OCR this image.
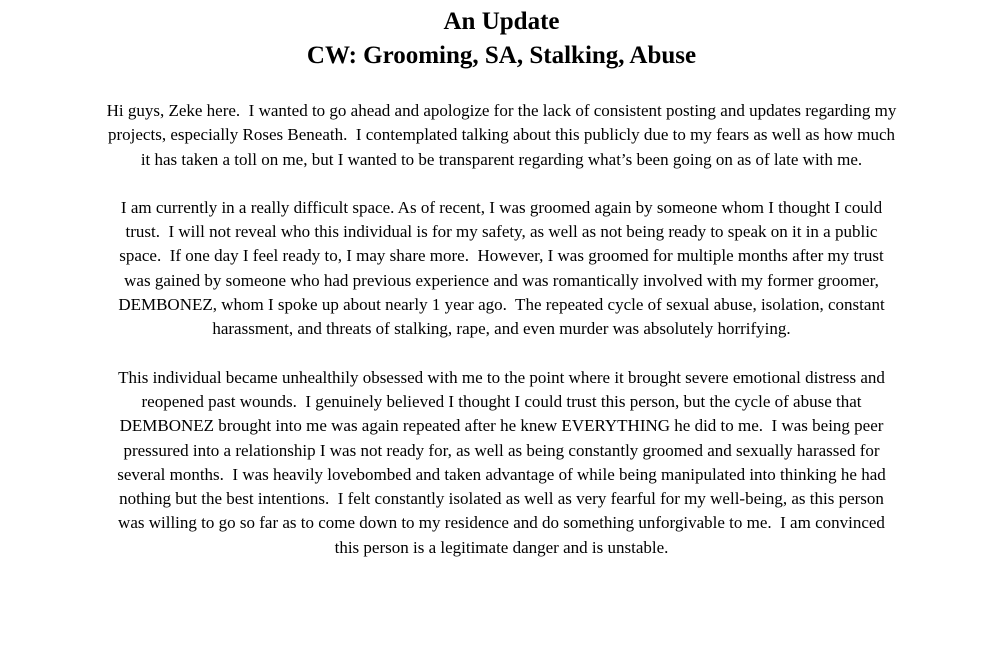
An Update
CW: Grooming, SA, Stalking, Abuse

Hi guys, Zeke here.  I wanted to go ahead and apologize for the lack of consistent posting and updates regarding my projects, especially Roses Beneath.  I contemplated talking about this publicly due to my fears as well as how much it has taken a toll on me, but I wanted to be transparent regarding what’s been going on as of late with me.

I am currently in a really difficult space. As of recent, I was groomed again by someone whom I thought I could trust.  I will not reveal who this individual is for my safety, as well as not being ready to speak on it in a public space.  If one day I feel ready to, I may share more.  However, I was groomed for multiple months after my trust was gained by someone who had previous experience and was romantically involved with my former groomer, DEMBONEZ, whom I spoke up about nearly 1 year ago.  The repeated cycle of sexual abuse, isolation, constant harassment, and threats of stalking, rape, and even murder was absolutely horrifying.

This individual became unhealthily obsessed with me to the point where it brought severe emotional distress and reopened past wounds.  I genuinely believed I thought I could trust this person, but the cycle of abuse that DEMBONEZ brought into me was again repeated after he knew EVERYTHING he did to me.  I was being peer pressured into a relationship I was not ready for, as well as being constantly groomed and sexually harassed for several months.  I was heavily lovebombed and taken advantage of while being manipulated into thinking he had nothing but the best intentions.  I felt constantly isolated as well as very fearful for my well-being, as this person was willing to go so far as to come down to my residence and do something unforgivable to me.  I am convinced this person is a legitimate danger and is unstable.
